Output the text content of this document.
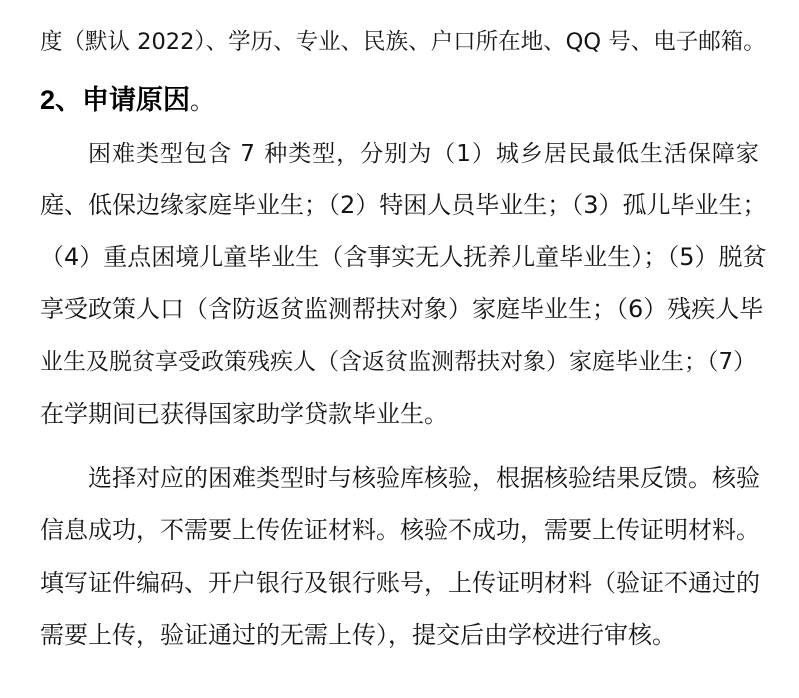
度（默认 2022）、学历、专业、民族、户口所在地、QQ 号、电子邮箱。
2、申请原因。
困难类型包含 7 种类型，分别为（1）城乡居民最低生活保障家
庭、低保边缘家庭毕业生；（2）特困人员毕业生；（3）孤儿毕业生；
（4）重点困境儿童毕业生（含事实无人抚养儿童毕业生）；（5）脱贫
享受政策人口（含防返贫监测帮扶对象）家庭毕业生；（6）残疾人毕
业生及脱贫享受政策残疾人（含返贫监测帮扶对象）家庭毕业生；（7）
在学期间已获得国家助学贷款毕业生。
选择对应的困难类型时与核验库核验，根据核验结果反馈。核验
信息成功，不需要上传佐证材料。核验不成功，需要上传证明材料。
填写证件编码、开户银行及银行账号，上传证明材料（验证不通过的
需要上传，验证通过的无需上传），提交后由学校进行审核。
